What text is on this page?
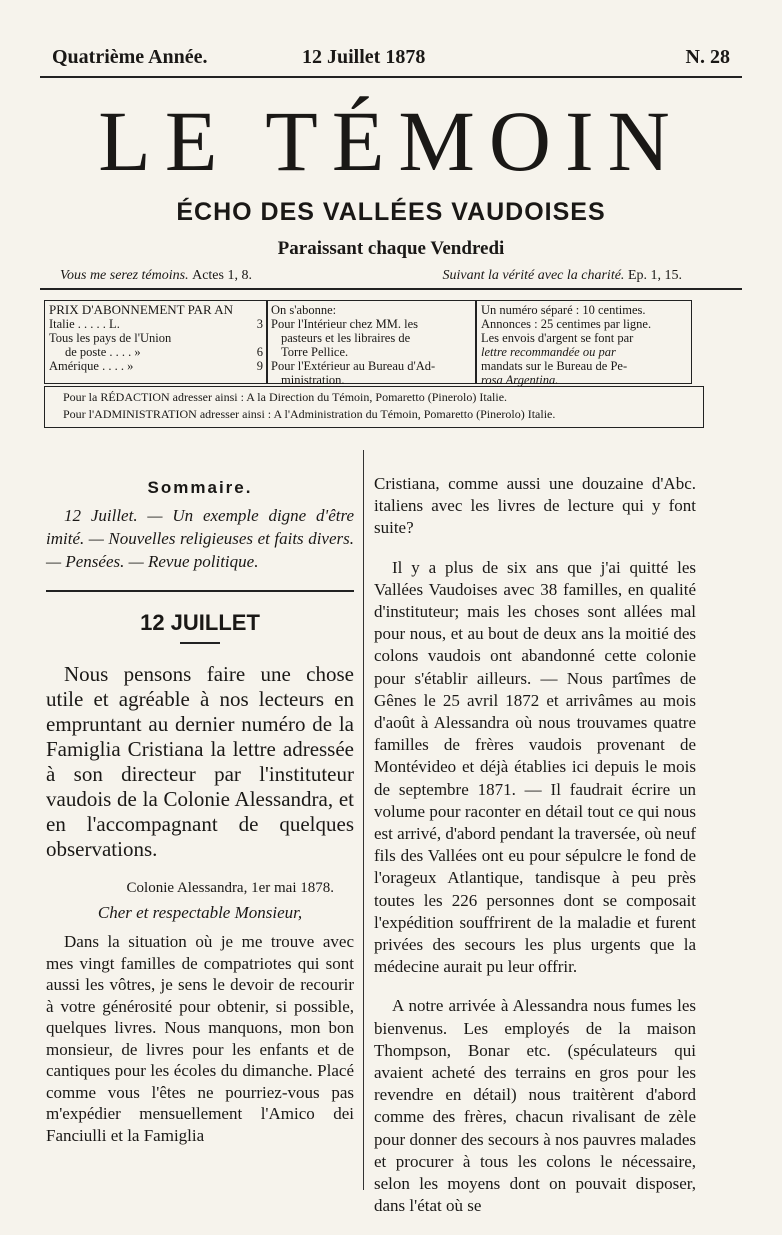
Quatrième Année.	12 Juillet 1878	N. 28
LE TÉMOIN
ÉCHO DES VALLÉES VAUDOISES
Paraissant chaque Vendredi
Vous me serez témoins. Actes 1, 8.	Suivant la vérité avec la charité. Ep. 1, 15.
PRIX D'ABONNEMENT PAR AN
Italie . . . . . L.	3
Tous les pays de l'Union
de poste . . . . »	6
Amérique . . . . »	9
On s'abonne:
Pour l'Intérieur chez MM. les
pasteurs et les libraires de
Torre Pellice.
Pour l'Extérieur au Bureau d'Ad-
ministration.
Un numéro séparé : 10 centimes.
Annonces : 25 centimes par ligne.
Les envois d'argent se font par
lettre recommandée ou par
mandats sur le Bureau de Pe-
rosa Argentina.
Pour la RÉDACTION adresser ainsi : A la Direction du Témoin, Pomaretto (Pinerolo) Italie.
Pour l'ADMINISTRATION adresser ainsi : A l'Administration du Témoin, Pomaretto (Pinerolo) Italie.
Sommaire.

12 Juillet. — Un exemple digne d'être imité. — Nouvelles religieuses et faits divers. — Pensées. — Revue politique.

12 JUILLET

Nous pensons faire une chose utile et agréable à nos lecteurs en empruntant au dernier numéro de la Famiglia Cristiana la lettre adressée à son directeur par l'instituteur vaudois de la Colonie Alessandra, et en l'accompagnant de quelques observations.

Colonie Alessandra, 1er mai 1878.
Cher et respectable Monsieur,

Dans la situation où je me trouve avec mes vingt familles de compatriotes qui sont aussi les vôtres, je sens le devoir de recourir à votre générosité pour obtenir, si possible, quelques livres. Nous manquons, mon bon monsieur, de livres pour les enfants et de cantiques pour les écoles du dimanche. Placé comme vous l'êtes ne pourriez-vous pas m'expédier mensuellement l'Amico dei Fanciulli et la Famiglia

Cristiana, comme aussi une douzaine d'Abc. italiens avec les livres de lecture qui y font suite?

Il y a plus de six ans que j'ai quitté les Vallées Vaudoises avec 38 familles, en qualité d'instituteur; mais les choses sont allées mal pour nous, et au bout de deux ans la moitié des colons vaudois ont abandonné cette colonie pour s'établir ailleurs. — Nous partîmes de Gênes le 25 avril 1872 et arrivâmes au mois d'août à Alessandra où nous trouvames quatre familles de frères vaudois provenant de Montévideo et déjà établies ici depuis le mois de septembre 1871. — Il faudrait écrire un volume pour raconter en détail tout ce qui nous est arrivé, d'abord pendant la traversée, où neuf fils des Vallées ont eu pour sépulcre le fond de l'orageux Atlantique, tandisque à peu près toutes les 226 personnes dont se composait l'expédition souffrirent de la maladie et furent privées des secours les plus urgents que la médecine aurait pu leur offrir.

A notre arrivée à Alessandra nous fumes les bienvenus. Les employés de la maison Thompson, Bonar etc. (spéculateurs qui avaient acheté des terrains en gros pour les revendre en détail) nous traitèrent d'abord comme des frères, chacun rivalisant de zèle pour donner des secours à nos pauvres malades et procurer à tous les colons le nécessaire, selon les moyens dont on pouvait disposer, dans l'état où se
